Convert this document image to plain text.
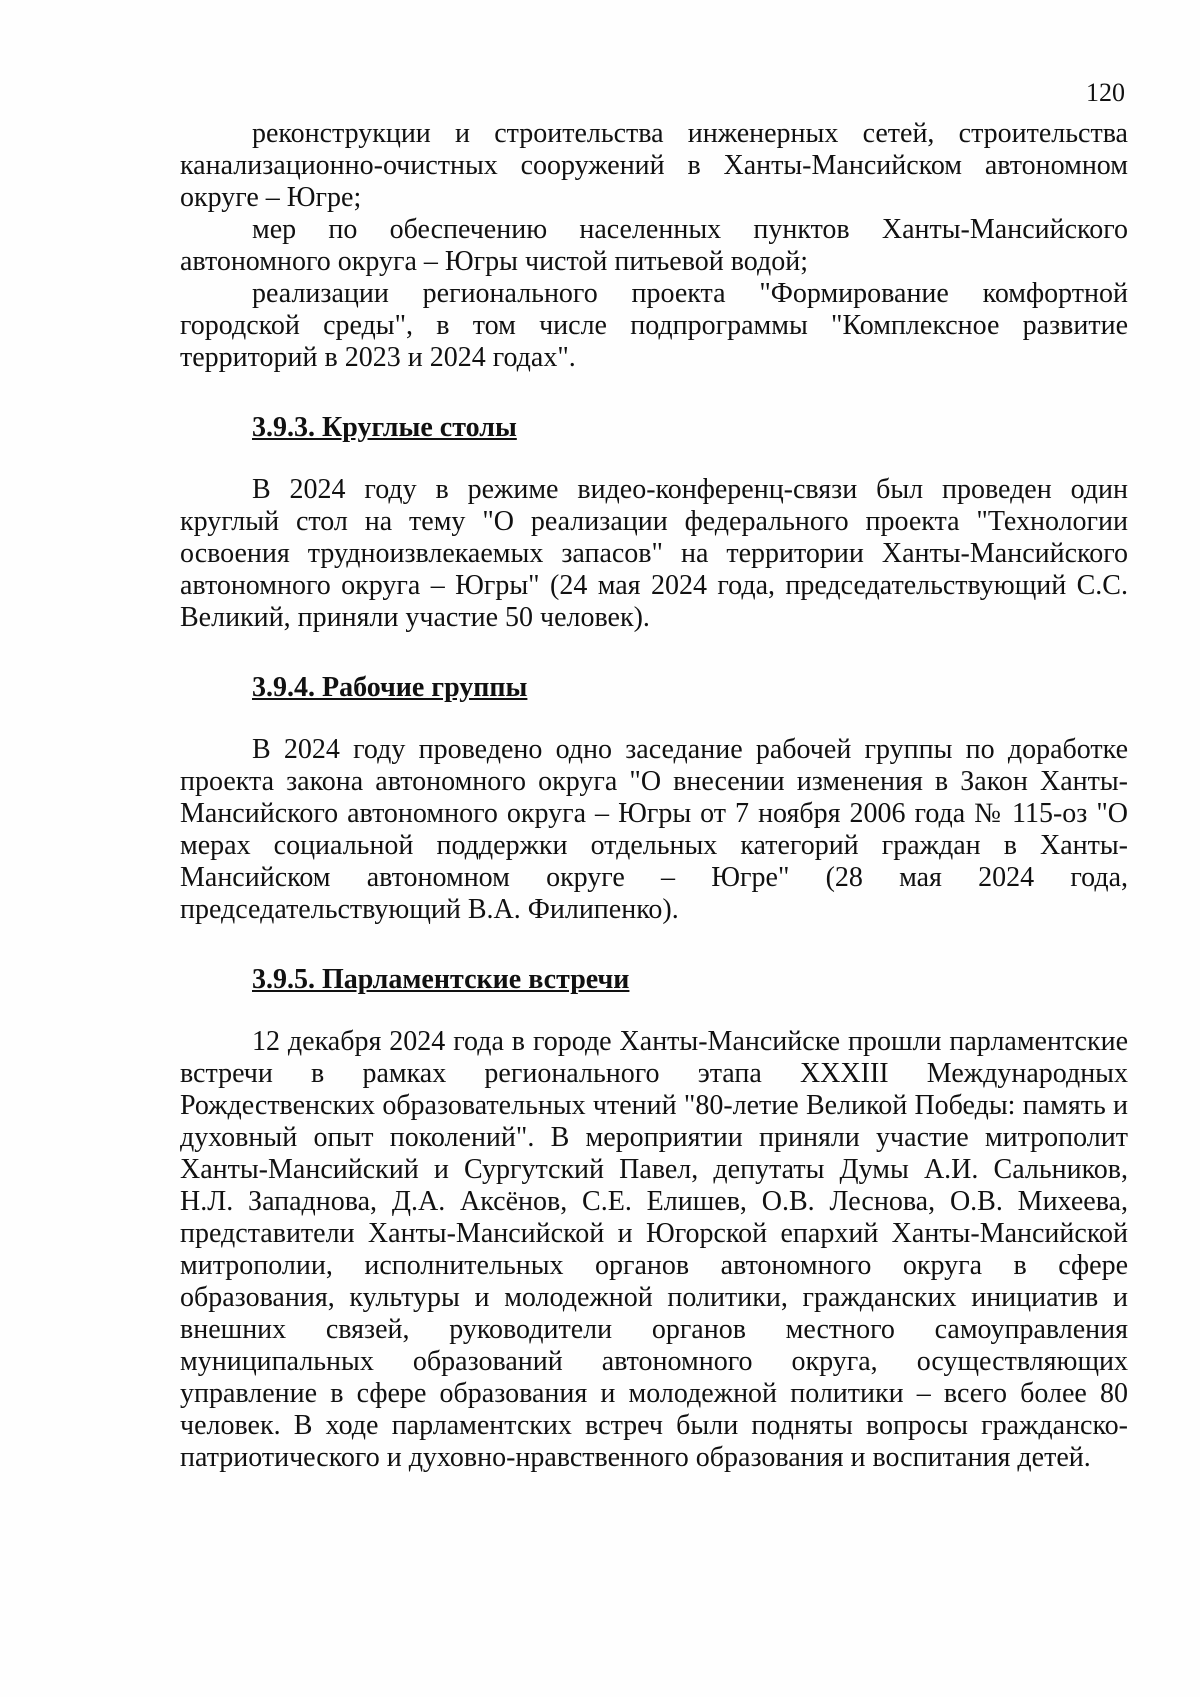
120

реконструкции и строительства инженерных сетей, строительства канализационно-очистных сооружений в Ханты-Мансийском автономном округе – Югре;

мер по обеспечению населенных пунктов Ханты-Мансийского автономного округа – Югры чистой питьевой водой;

реализации регионального проекта "Формирование комфортной городской среды", в том числе подпрограммы "Комплексное развитие территорий в 2023 и 2024 годах".

3.9.3. Круглые столы

В 2024 году в режиме видео-конференц-связи был проведен один круглый стол на тему "О реализации федерального проекта "Технологии освоения трудноизвлекаемых запасов" на территории Ханты-Мансийского автономного округа – Югры" (24 мая 2024 года, председательствующий С.С. Великий, приняли участие 50 человек).

3.9.4. Рабочие группы

В 2024 году проведено одно заседание рабочей группы по доработке проекта закона автономного округа "О внесении изменения в Закон Ханты-Мансийского автономного округа – Югры от 7 ноября 2006 года № 115-оз "О мерах социальной поддержки отдельных категорий граждан в Ханты-Мансийском автономном округе – Югре" (28 мая 2024 года, председательствующий В.А. Филипенко).

3.9.5. Парламентские встречи

12 декабря 2024 года в городе Ханты-Мансийске прошли парламентские встречи в рамках регионального этапа XXXIII Международных Рождественских образовательных чтений "80-летие Великой Победы: память и духовный опыт поколений". В мероприятии приняли участие митрополит Ханты-Мансийский и Сургутский Павел, депутаты Думы А.И. Сальников, Н.Л. Западнова, Д.А. Аксёнов, С.Е. Елишев, О.В. Леснова, О.В. Михеева, представители Ханты-Мансийской и Югорской епархий Ханты-Мансийской митрополии, исполнительных органов автономного округа в сфере образования, культуры и молодежной политики, гражданских инициатив и внешних связей, руководители органов местного самоуправления муниципальных образований автономного округа, осуществляющих управление в сфере образования и молодежной политики – всего более 80 человек. В ходе парламентских встреч были подняты вопросы гражданско-патриотического и духовно-нравственного образования и воспитания детей.
